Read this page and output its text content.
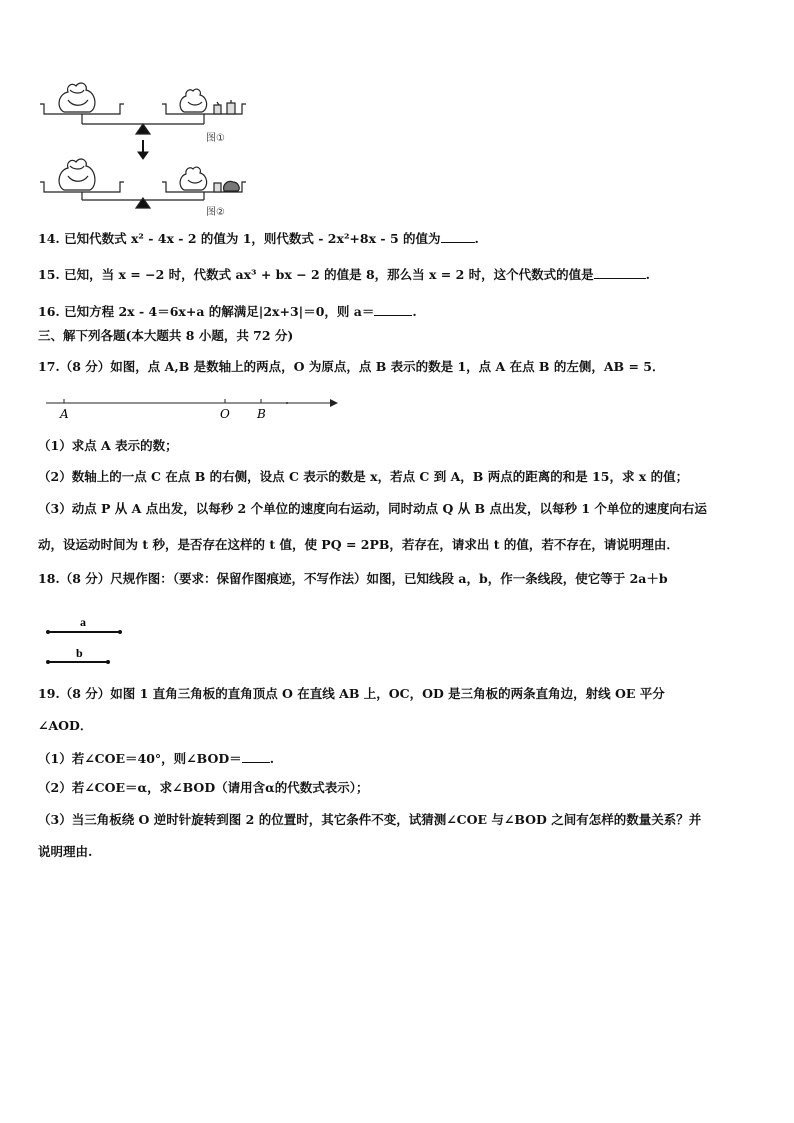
图①
图②
14. 已知代数式 x² - 4x - 2 的值为 1，则代数式 - 2x²+8x - 5 的值为	.
15. 已知，当 x = −2 时，代数式 ax³ + bx − 2 的值是 8，那么当 x = 2 时，这个代数式的值是	.
16. 已知方程 2x - 4＝6x+a 的解满足|2x+3|＝0，则 a＝	.
三、解下列各题(本大题共 8 小题，共 72 分)
17.（8 分）如图，点 A,B 是数轴上的两点，O 为原点，点 B 表示的数是 1，点 A 在点 B 的左侧，AB = 5．
A	O B
（1）求点 A 表示的数；
（2）数轴上的一点 C 在点 B 的右侧，设点 C 表示的数是 x，若点 C 到 A，B 两点的距离的和是 15，求 x 的值；
（3）动点 P 从 A 点出发，以每秒 2 个单位的速度向右运动，同时动点 Q 从 B 点出发，以每秒 1 个单位的速度向右运
动，设运动时间为 t 秒，是否存在这样的 t 值，使 PQ = 2PB，若存在，请求出 t 的值，若不存在，请说明理由．
18.（8 分）尺规作图：（要求：保留作图痕迹，不写作法）如图，已知线段 a，b，作一条线段，使它等于 2a＋b
a
b
19.（8 分）如图 1 直角三角板的直角顶点 O 在直线 AB 上，OC，OD 是三角板的两条直角边，射线 OE 平分
∠AOD．
（1）若∠COE＝40°，则∠BOD＝ .
（2）若∠COE＝α，求∠BOD（请用含α的代数式表示）；
（3）当三角板绕 O 逆时针旋转到图 2 的位置时，其它条件不变，试猜测∠COE 与∠BOD 之间有怎样的数量关系？并
说明理由.
